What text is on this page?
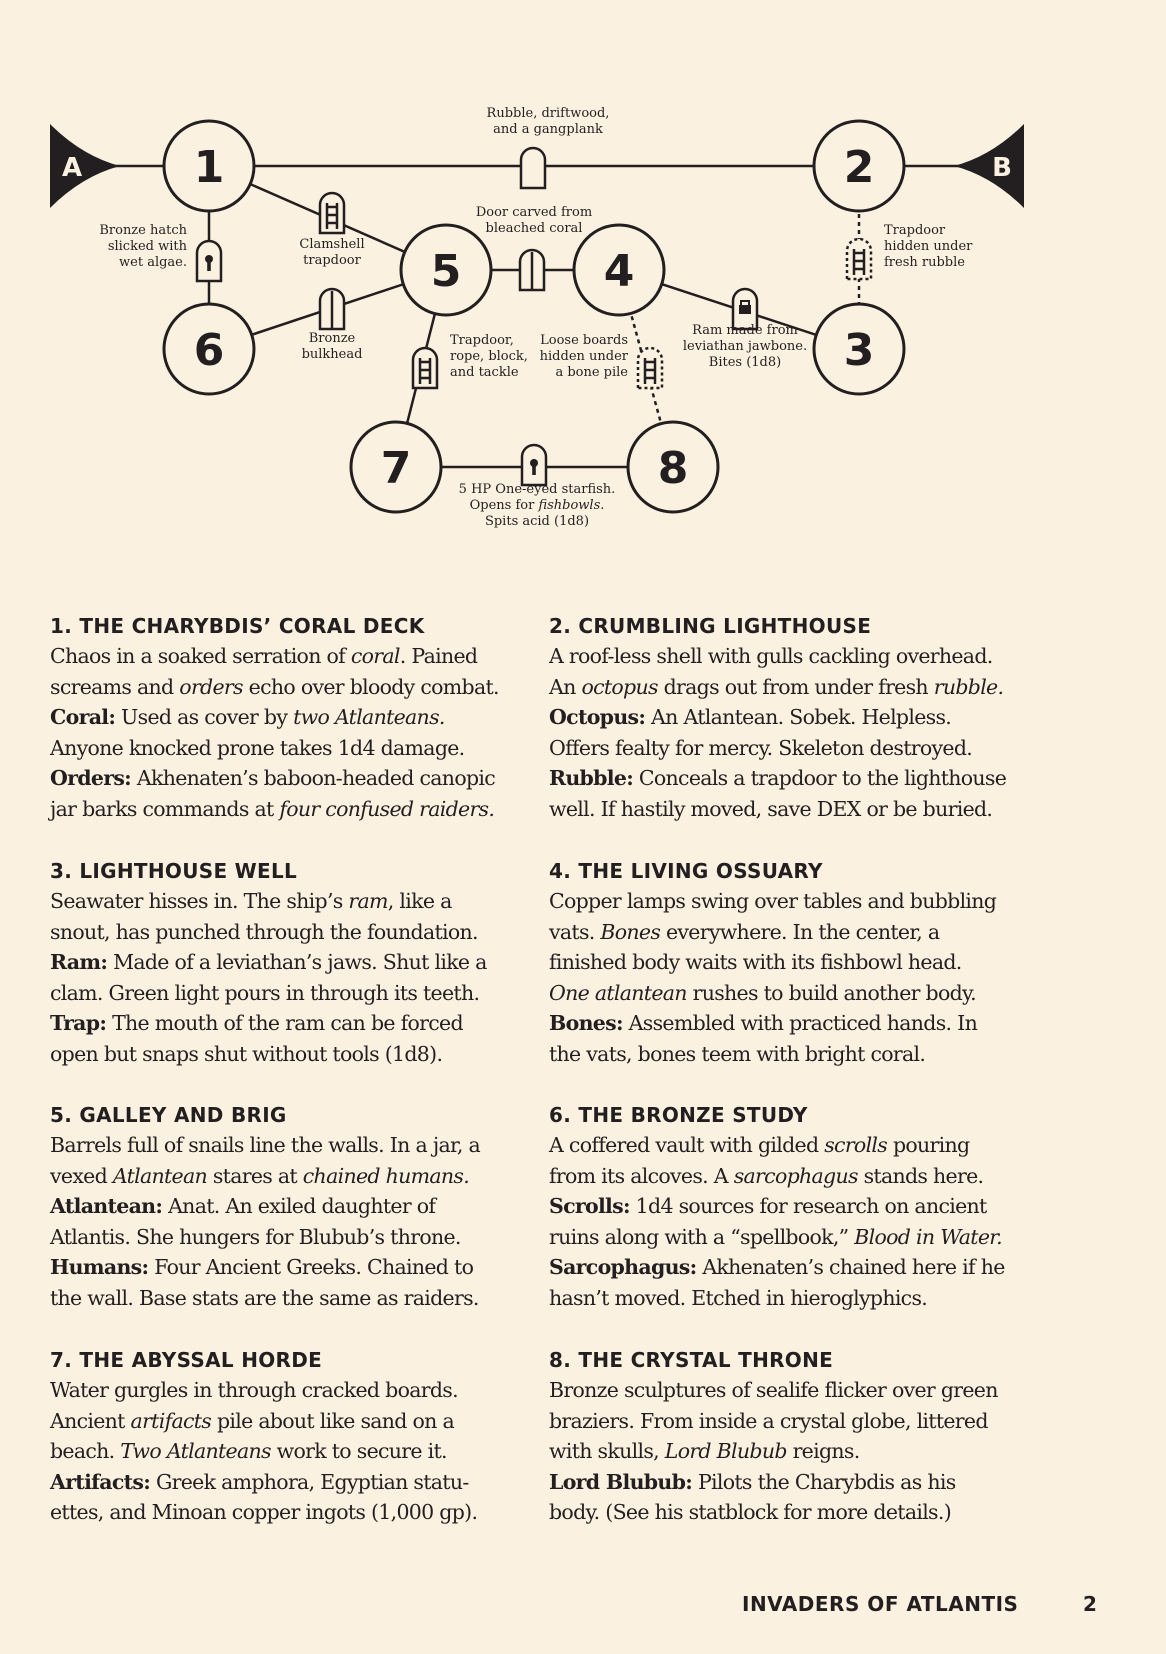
A	B
1	2
3
4
5
6
7	8
Rubble, driftwood, and a gangplank
Bronze hatch slicked with wet algae.
Clamshell trapdoor
Door carved from bleached coral
Bronze bulkhead
Trapdoor hidden under fresh rubble
Ram made from leviathan jawbone. Bites (1d8)
Trapdoor, rope, block, and tackle
Loose boards hidden under a bone pile
5 HP One-eyed starfish. Opens for fishbowls. Spits acid (1d8)
1. THE CHARYBDIS’ CORAL DECK

Chaos in a soaked serration of coral. Pained
screams and orders echo over bloody combat.
Coral: Used as cover by two Atlanteans.
Anyone knocked prone takes 1d4 damage.
Orders: Akhenaten’s baboon-headed canopic
jar barks commands at four confused raiders.

2. CRUMBLING LIGHTHOUSE

A roof-less shell with gulls cackling overhead.
An octopus drags out from under fresh rubble.
Octopus: An Atlantean. Sobek. Helpless.
Offers fealty for mercy. Skeleton destroyed.
Rubble: Conceals a trapdoor to the lighthouse
well. If hastily moved, save DEX or be buried.

3. LIGHTHOUSE WELL

Seawater hisses in. The ship’s ram, like a
snout, has punched through the foundation.
Ram: Made of a leviathan’s jaws. Shut like a
clam. Green light pours in through its teeth.
Trap: The mouth of the ram can be forced
open but snaps shut without tools (1d8).

4. THE LIVING OSSUARY

Copper lamps swing over tables and bubbling
vats. Bones everywhere. In the center, a
finished body waits with its fishbowl head.
One atlantean rushes to build another body.
Bones: Assembled with practiced hands. In
the vats, bones teem with bright coral.

5. GALLEY AND BRIG

Barrels full of snails line the walls. In a jar, a
vexed Atlantean stares at chained humans.
Atlantean: Anat. An exiled daughter of
Atlantis. She hungers for Blubub’s throne.
Humans: Four Ancient Greeks. Chained to
the wall. Base stats are the same as raiders.

6. THE BRONZE STUDY

A coffered vault with gilded scrolls pouring
from its alcoves. A sarcophagus stands here.
Scrolls: 1d4 sources for research on ancient
ruins along with a “spellbook,” Blood in Water.
Sarcophagus: Akhenaten’s chained here if he
hasn’t moved. Etched in hieroglyphics.

7. THE ABYSSAL HORDE

Water gurgles in through cracked boards.
Ancient artifacts pile about like sand on a
beach. Two Atlanteans work to secure it.
Artifacts: Greek amphora, Egyptian statu-
ettes, and Minoan copper ingots (1,000 gp).

8. THE CRYSTAL THRONE

Bronze sculptures of sealife flicker over green
braziers. From inside a crystal globe, littered
with skulls, Lord Blubub reigns.
Lord Blubub: Pilots the Charybdis as his
body. (See his statblock for more details.)

INVADERS OF ATLANTIS	2
